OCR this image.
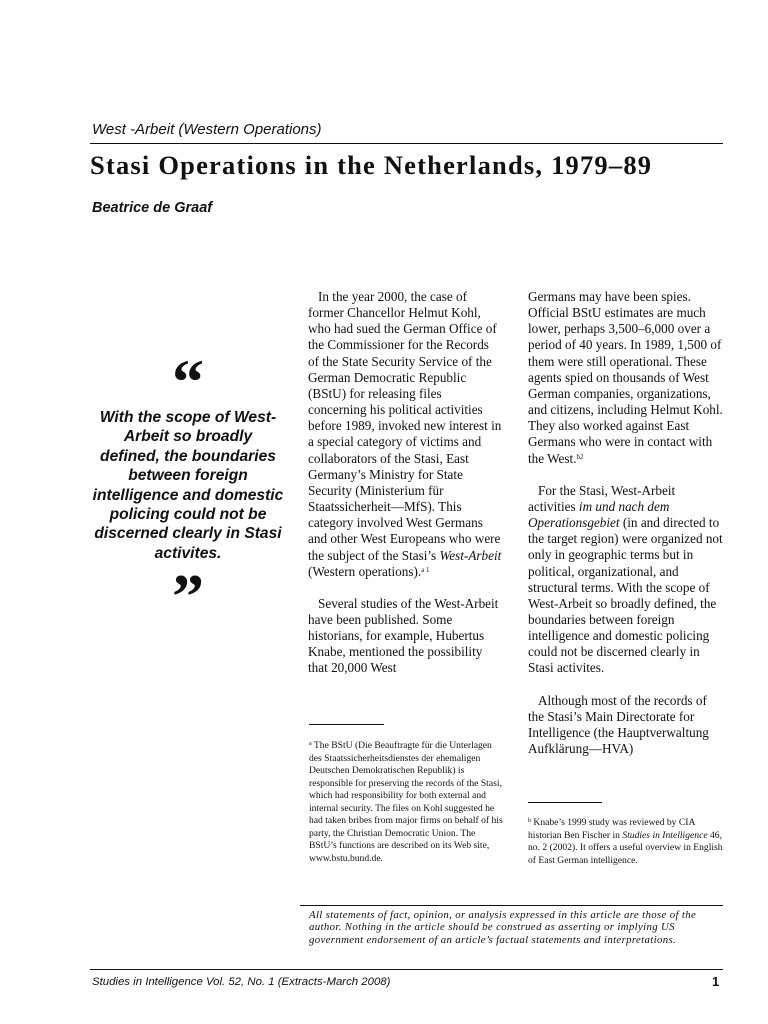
West -Arbeit (Western Operations)
Stasi Operations in the Netherlands, 1979–89
Beatrice de Graaf
“
With the scope of West-Arbeit so broadly defined, the boundaries between foreign intelligence and domestic policing could not be discerned clearly in Stasi activites.
”

In the year 2000, the case of former Chancellor Helmut Kohl, who had sued the German Office of the Commissioner for the Records of the State Security Service of the German Democratic Republic (BStU) for releasing files concerning his political activities before 1989, invoked new interest in a special category of victims and collaborators of the Stasi, East Germany’s Ministry for State Security (Ministerium für Staatssicherheit—MfS). This category involved West Germans and other West Europeans who were the subject of the Stasi’s West-Arbeit (Western operations).$^{a 1}$

Several studies of the West-Arbeit have been published. Some historians, for example, Hubertus Knabe, mentioned the possibility that 20,000 West

Germans may have been spies. Official BStU estimates are much lower, perhaps 3,500–6,000 over a period of 40 years. In 1989, 1,500 of them were still operational. These agents spied on thousands of West German companies, organizations, and citizens, including Helmut Kohl. They also worked against East Germans who were in contact with the West.$^{b2}$

For the Stasi, West-Arbeit activities im und nach dem Operationsgebiet (in and directed to the target region) were organized not only in geographic terms but in political, organizational, and structural terms. With the scope of West-Arbeit so broadly defined, the boundaries between foreign intelligence and domestic policing could not be discerned clearly in Stasi activites.

Although most of the records of the Stasi’s Main Directorate for Intelligence (the Hauptverwaltung Aufklärung—HVA)

$^a$ The BStU (Die Beauftragte für die Unterlagen des Staatssicherheitsdienstes der ehemaligen Deutschen Demokratischen Republik) is responsible for preserving the records of the Stasi, which had responsibility for both external and internal security. The files on Kohl suggested he had taken bribes from major firms on behalf of his party, the Christian Democratic Union. The BStU’s functions are described on its Web site, www.bstu.bund.de.
$^b$ Knabe’s 1999 study was reviewed by CIA historian Ben Fischer in Studies in Intelligence 46, no. 2 (2002). It offers a useful overview in English of East German intelligence.
All statements of fact, opinion, or analysis expressed in this article are those of the author. Nothing in the article should be construed as asserting or implying US government endorsement of an article’s factual statements and interpretations.
Studies in Intelligence Vol. 52, No. 1 (Extracts-March 2008)	1
